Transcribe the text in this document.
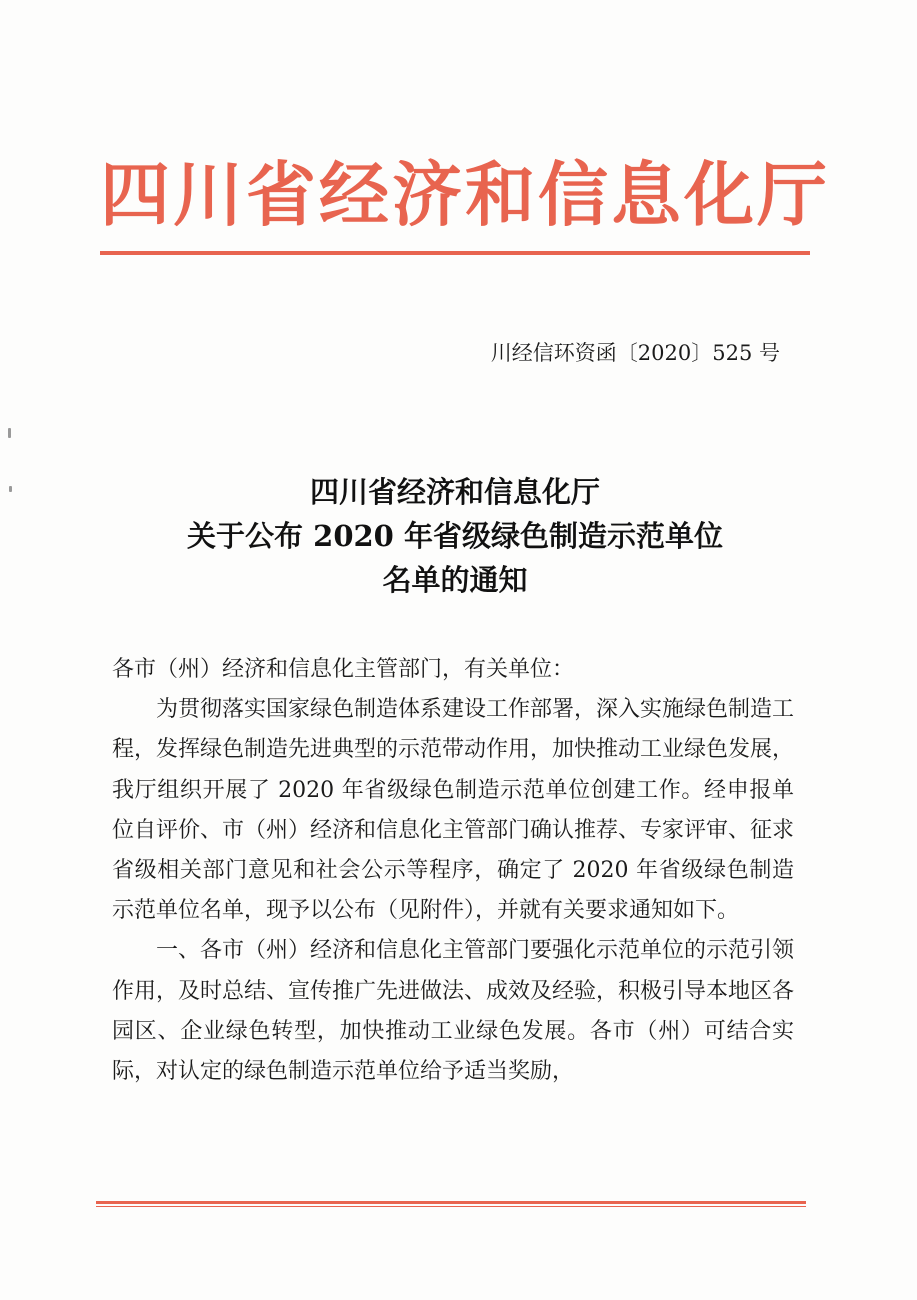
四川省经济和信息化厅
川经信环资函〔2020〕525 号
四川省经济和信息化厅
关于公布 2020 年省级绿色制造示范单位
名单的通知

各市（州）经济和信息化主管部门，有关单位：

为贯彻落实国家绿色制造体系建设工作部署，深入实施绿色制造工程，发挥绿色制造先进典型的示范带动作用，加快推动工业绿色发展，我厅组织开展了 2020 年省级绿色制造示范单位创建工作。经申报单位自评价、市（州）经济和信息化主管部门确认推荐、专家评审、征求省级相关部门意见和社会公示等程序，确定了 2020 年省级绿色制造示范单位名单，现予以公布（见附件），并就有关要求通知如下。

一、各市（州）经济和信息化主管部门要强化示范单位的示范引领作用，及时总结、宣传推广先进做法、成效及经验，积极引导本地区各园区、企业绿色转型，加快推动工业绿色发展。各市（州）可结合实际，对认定的绿色制造示范单位给予适当奖励，
